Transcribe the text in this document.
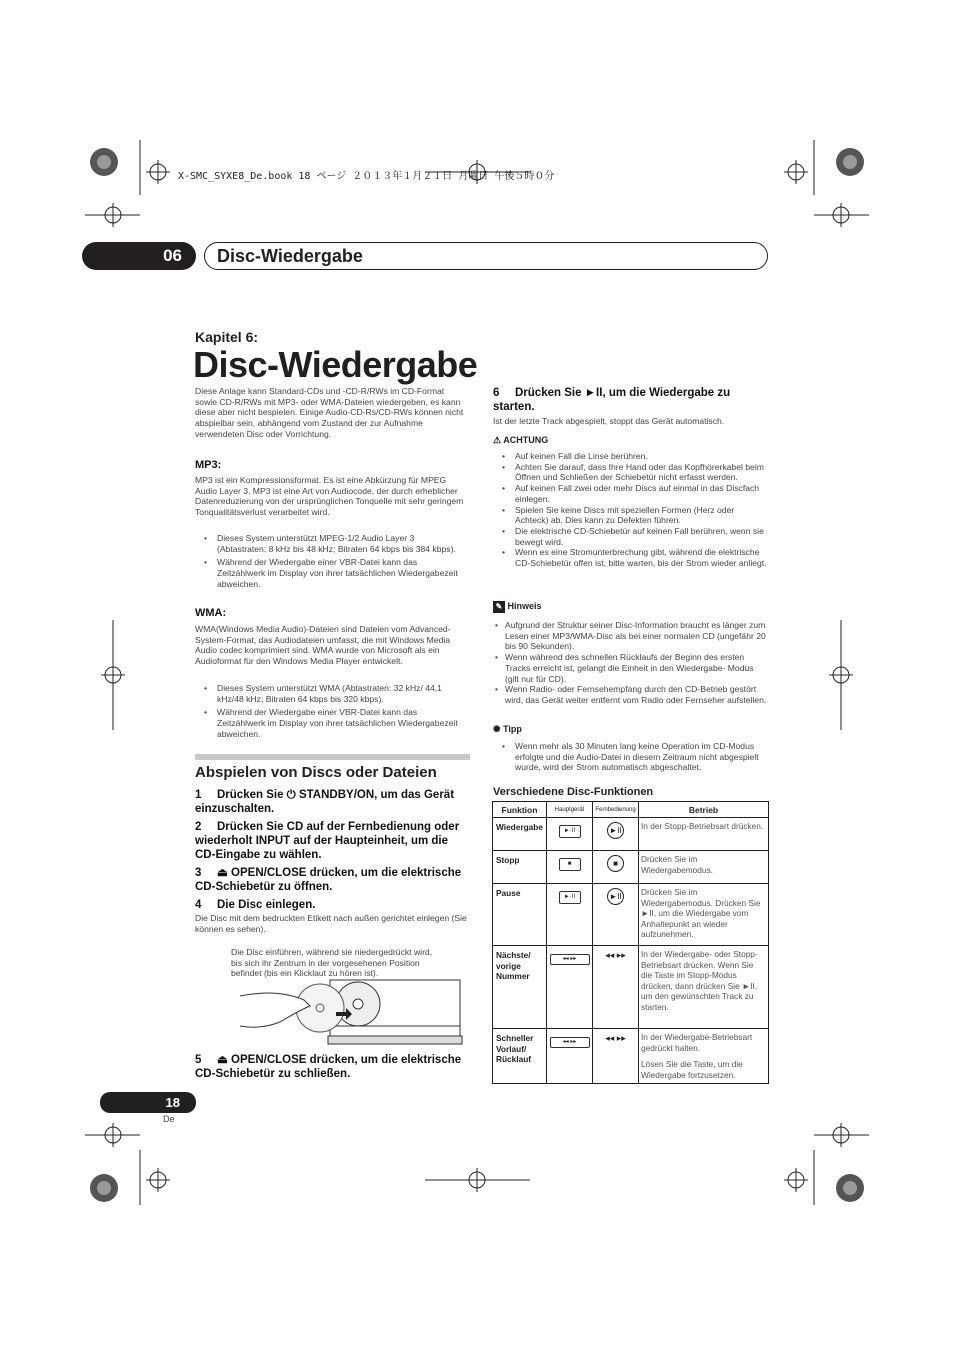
X-SMC_SYXE8_De.book 18 ページ ２０１３年１月２１日 月曜日 午後５時０分
06	Disc-Wiedergabe
Kapitel 6:
Disc-Wiedergabe
Diese Anlage kann Standard-CDs und -CD-R/RWs im CD-Format sowie CD-R/RWs mit MP3- oder WMA-Dateien wiedergeben, es kann diese aber nicht bespielen. Einige Audio-CD-Rs/CD-RWs können nicht abspielbar sein, abhängend vom Zustand der zur Aufnahme verwendeten Disc oder Vorrichtung.
MP3:
MP3 ist ein Kompressionsformat. Es ist eine Abkürzung für MPEG Audio Layer 3. MP3 ist eine Art von Audiocode, der durch erheblicher Datenreduzierung von der ursprünglichen Tonquelle mit sehr geringem Tonqualitätsverlust verarbeitet wird.
• Dieses System unterstützt MPEG-1/2 Audio Layer 3 (Abtastraten: 8 kHz bis 48 kHz; Bitraten 64 kbps bis 384 kbps).
• Während der Wiedergabe einer VBR-Datei kann das Zeitzählwerk im Display von ihrer tatsächlichen Wiedergabezeit abweichen.
WMA:
WMA(Windows Media Audio)-Dateien sind Dateien vom Advanced-System-Format, das Audiodateien umfasst, die mit Windows Media Audio codec komprimiert sind. WMA wurde von Microsoft als ein Audioformat für den Windows Media Player entwickelt.
• Dieses System unterstützt WMA (Abtastraten: 32 kHz/ 44,1 kHz/48 kHz; Bitraten 64 kbps bis 320 kbps).
• Während der Wiedergabe einer VBR-Datei kann das Zeitzählwerk im Display von ihrer tatsächlichen Wiedergabezeit abweichen.
Abspielen von Discs oder Dateien
1 Drücken Sie ⏻ STANDBY/ON, um das Gerät einzuschalten.
2 Drücken Sie CD auf der Fernbedienung oder wiederholt INPUT auf der Haupteinheit, um die CD-Eingabe zu wählen.
3 ⏏ OPEN/CLOSE drücken, um die elektrische CD-Schiebetür zu öffnen.
4 Die Disc einlegen.
Die Disc mit dem bedruckten Etikett nach außen gerichtet einlegen (Sie können es sehen).
Die Disc einführen, während sie niedergedrückt wird, bis sich ihr Zentrum in der vorgesehenen Position befindet (bis ein Klicklaut zu hören ist).
5 ⏏ OPEN/CLOSE drücken, um die elektrische CD-Schiebetür zu schließen.
6 Drücken Sie ►II, um die Wiedergabe zu starten.
Ist der letzte Track abgespielt, stoppt das Gerät automatisch.
⚠ ACHTUNG
• Auf keinen Fall die Linse berühren.
• Achten Sie darauf, dass Ihre Hand oder das Kopfhörerkabel beim Öffnen und Schließen der Schiebetür nicht erfasst werden.
• Auf keinen Fall zwei oder mehr Discs auf einmal in das Discfach einlegen.
• Spielen Sie keine Discs mit speziellen Formen (Herz oder Achteck) ab. Dies kann zu Defekten führen.
• Die elektrische CD-Schiebetür auf keinen Fall berühren, wenn sie bewegt wird.
• Wenn es eine Stromunterbrechung gibt, während die elektrische CD-Schiebetür offen ist, bitte warten, bis der Strom wieder anliegt.
✎ Hinweis
• Aufgrund der Struktur seiner Disc-Information braucht es länger zum Lesen einer MP3/WMA-Disc als bei einer normalen CD (ungefähr 20 bis 90 Sekunden).
• Wenn während des schnellen Rücklaufs der Beginn des ersten Tracks erreicht ist, gelangt die Einheit in den Wiedergabe- Modus (gilt nur für CD).
• Wenn Radio- oder Fernsehempfang durch den CD-Betrieb gestört wird, das Gerät weiter entfernt vom Radio oder Fernseher aufstellen.
✺ Tipp
• Wenn mehr als 30 Minuten lang keine Operation im CD-Modus erfolgte und die Audio-Datei in diesem Zeitraum nicht abgespielt wurde, wird der Strom automatisch abgeschaltet.
Verschiedene Disc-Funktionen
Funktion	Hauptgerät	Fernbedienung	Betrieb
Wiedergabe	►·II	►II	In der Stopp-Betriebsart drücken.
Stopp	■	■	Drücken Sie im Wiedergabemodus.
Pause	►·II	►II	Drücken Sie im Wiedergabemodus. Drücken Sie ►II, um die Wiedergabe vom Anhaltepunkt an wieder aufzunehmen.
Nächste/ vorige Nummer	◂◂ ▸▸	◂◂ ▸▸	In der Wiedergabe- oder Stopp-Betriebsart drücken. Wenn Sie die Taste im Stopp-Modus drücken, dann drücken Sie ►II, um den gewünschten Track zu starten.
Schneller Vorlauf/ Rücklauf	◂◂ ▸▸	◂◂ ▸▸	In der Wiedergabe-Betriebsart gedrückt halten.
Lösen Sie die Taste, um die Wiedergabe fortzusetzen.
18
De
